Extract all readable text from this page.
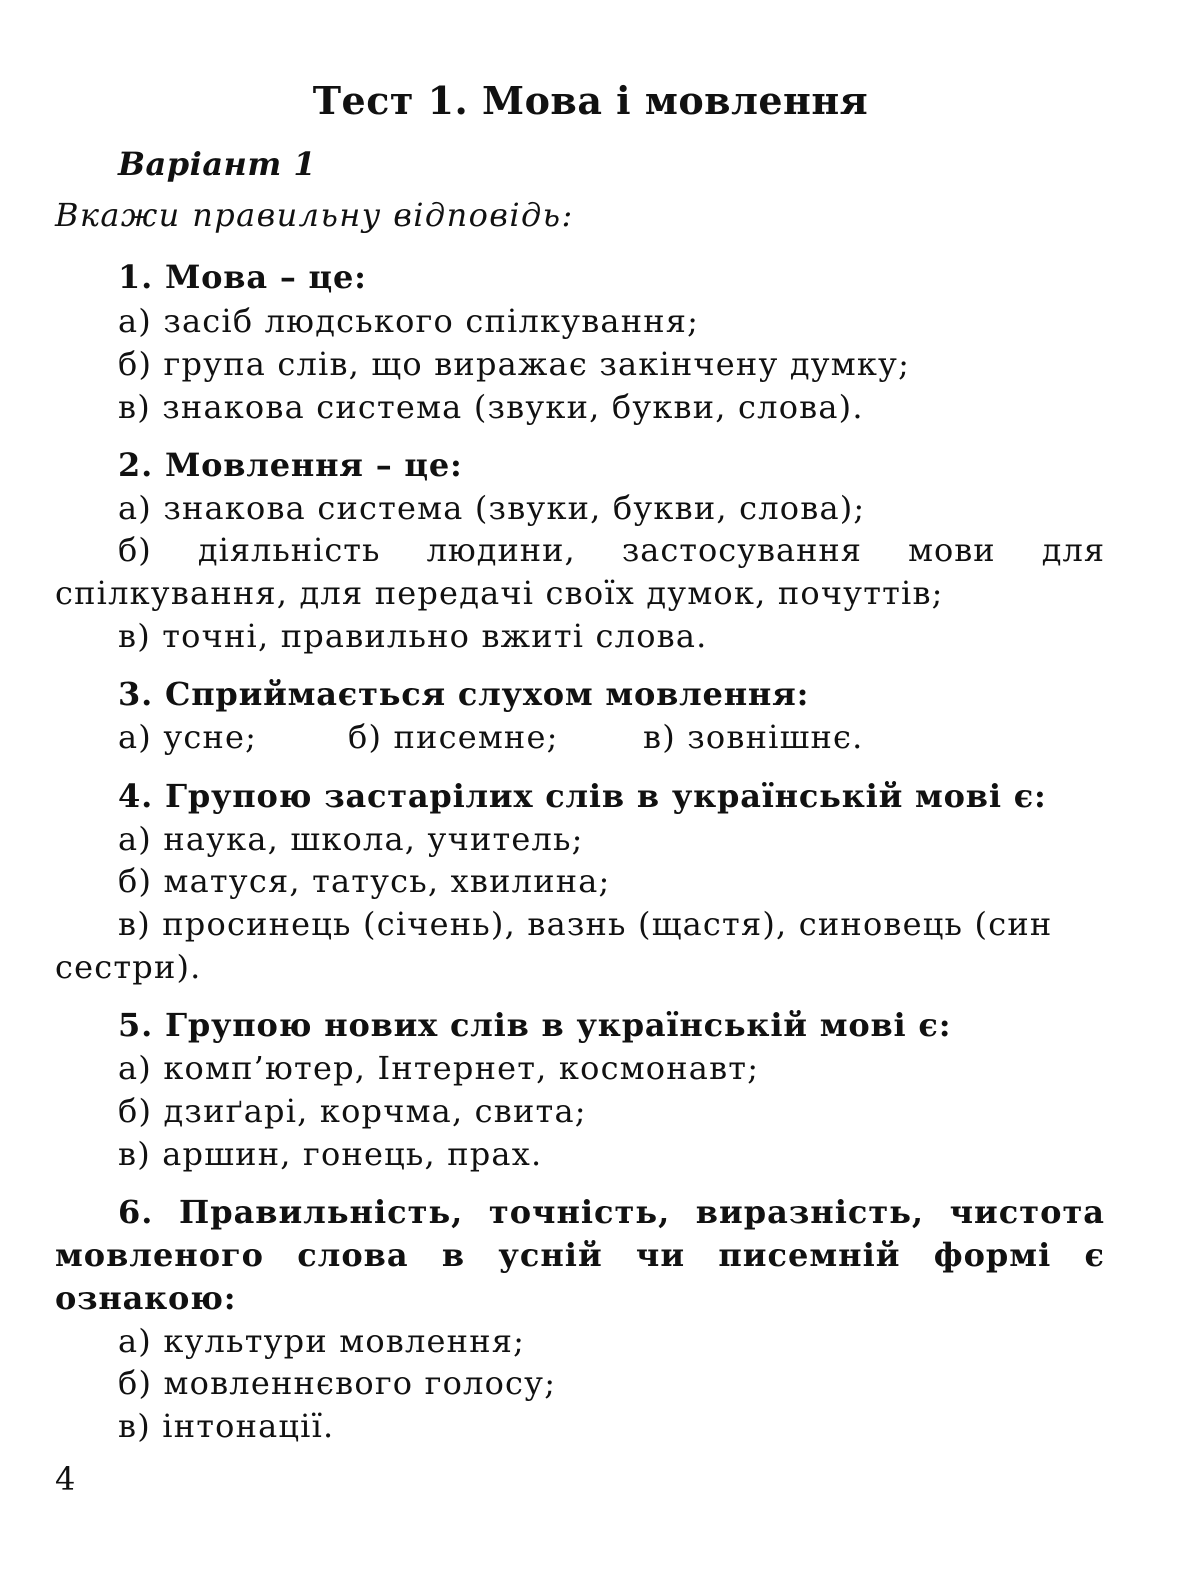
Тест 1. Мова і мовлення
Варіант 1
Вкажи правильну відповідь:
1. Мова – це:
а) засіб людського спілкування;
б) група слів, що виражає закінчену думку;
в) знакова система (звуки, букви, слова).
2. Мовлення – це:
а) знакова система (звуки, букви, слова);
б) діяльність людини, застосування мови для
спілкування, для передачі своїх думок, почуттів;
в) точні, правильно вжиті слова.
3. Сприймається слухом мовлення:
а) усне;	б) писемне;	в) зовнішнє.
4. Групою застарілих слів в українській мові є:
а) наука, школа, учитель;
б) матуся, татусь, хвилина;
в) просинець (січень), вазнь (щастя), синовець (син
сестри).
5. Групою нових слів в українській мові є:
а) комп’ютер, Інтернет, космонавт;
б) дзиґарі, корчма, свита;
в) аршин, гонець, прах.
6. Правильність, точність, виразність, чистота
мовленого слова в усній чи писемній формі є
ознакою:
а) культури мовлення;
б) мовленнєвого голосу;
в) інтонації.
4
